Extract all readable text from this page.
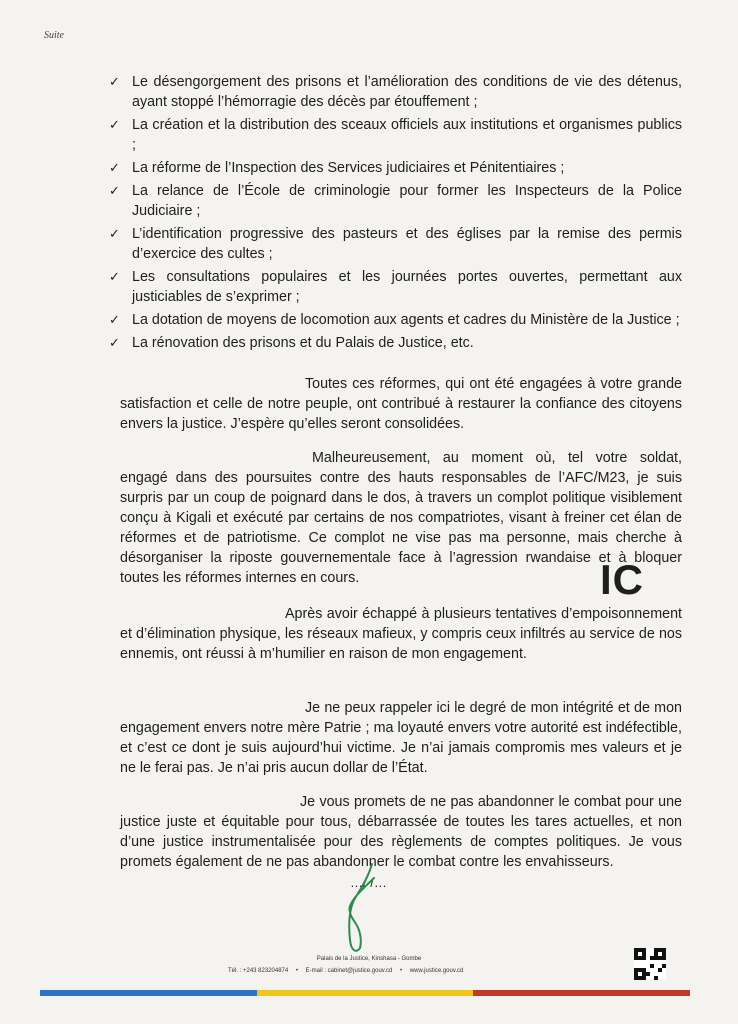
Suite
✓ Le désengorgement des prisons et l’amélioration des conditions de vie des détenus, ayant stoppé l’hémorragie des décès par étouffement ;
✓ La création et la distribution des sceaux officiels aux institutions et organismes publics ;
✓ La réforme de l’Inspection des Services judiciaires et Pénitentiaires ;
✓ La relance de l’École de criminologie pour former les Inspecteurs de la Police Judiciaire ;
✓ L’identification progressive des pasteurs et des églises par la remise des permis d’exercice des cultes ;
✓ Les consultations populaires et les journées portes ouvertes, permettant aux justiciables de s’exprimer ;
✓ La dotation de moyens de locomotion aux agents et cadres du Ministère de la Justice ;
✓ La rénovation des prisons et du Palais de Justice, etc.

Toutes ces réformes, qui ont été engagées à votre grande satisfaction et celle de notre peuple, ont contribué à restaurer la confiance des citoyens envers la justice. J’espère qu’elles seront consolidées.

Malheureusement, au moment où, tel votre soldat, engagé dans des poursuites contre des hauts responsables de l’AFC/M23, je suis surpris par un coup de poignard dans le dos, à travers un complot politique visiblement conçu à Kigali et exécuté par certains de nos compatriotes, visant à freiner cet élan de réformes et de patriotisme. Ce complot ne vise pas ma personne, mais cherche à désorganiser la riposte gouvernementale face à l’agression rwandaise et à bloquer toutes les réformes internes en cours.

Après avoir échappé à plusieurs tentatives d’empoisonnement et d’élimination physique, les réseaux mafieux, y compris ceux infiltrés au service de nos ennemis, ont réussi à m’humilier en raison de mon engagement.

Je ne peux rappeler ici le degré de mon intégrité et de mon engagement envers notre mère Patrie ; ma loyauté envers votre autorité est indéfectible, et c’est ce dont je suis aujourd’hui victime. Je n’ai jamais compromis mes valeurs et je ne le ferai pas. Je n’ai pris aucun dollar de l’État.

Je vous promets de ne pas abandonner le combat pour une justice juste et équitable pour tous, débarrassée de toutes les tares actuelles, et non d’une justice instrumentalisée pour des règlements de comptes politiques. Je vous promets également de ne pas abandonner le combat contre les envahisseurs.

…/ /…
IC
Palais de la Justice, Kinshasa - Gombe
Tél. : +243 823204874 • E-mail : cabinet@justice.gouv.cd • www.justice.gouv.cd
